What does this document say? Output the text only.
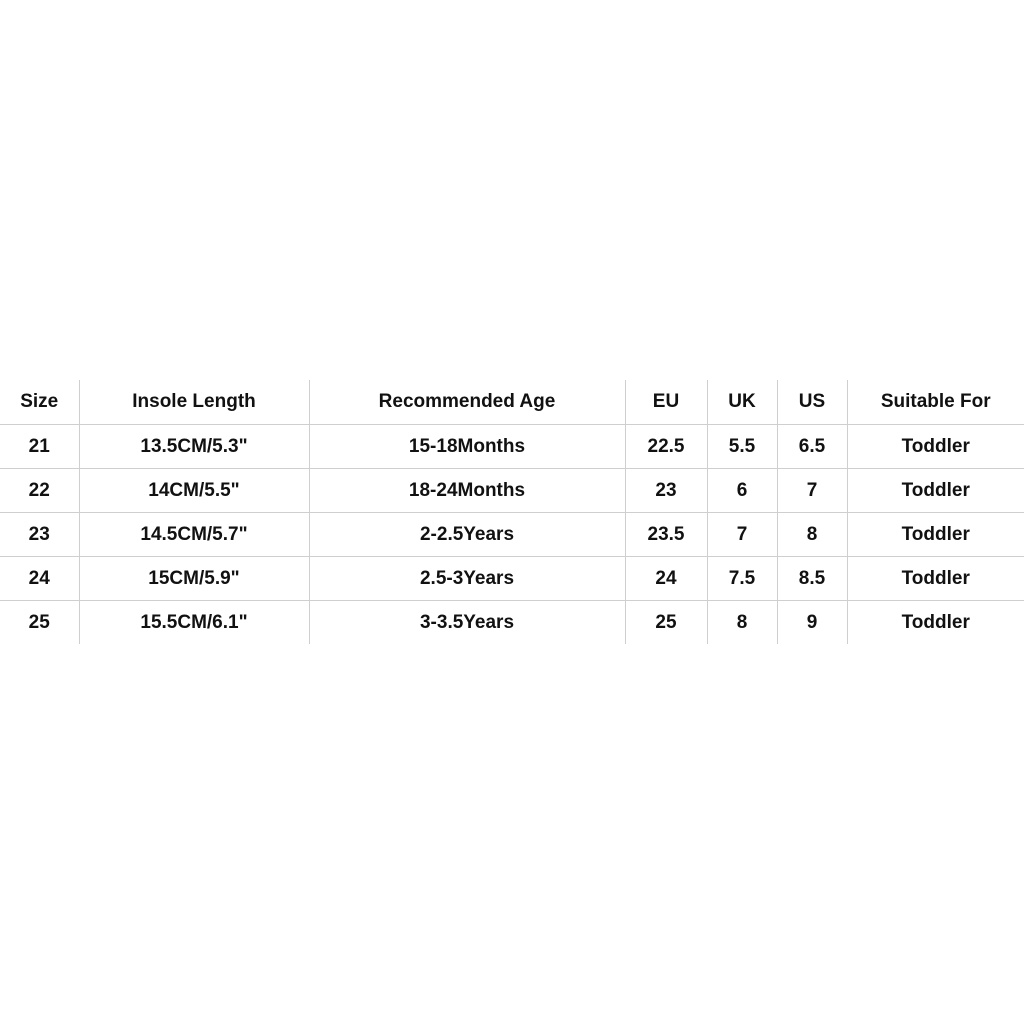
Size	Insole Length	Recommended Age	EU	UK	US	Suitable For
21	13.5CM/5.3"	15-18Months	22.5	5.5	6.5	Toddler
22	14CM/5.5"	18-24Months	23	6	7	Toddler
23	14.5CM/5.7"	2-2.5Years	23.5	7	8	Toddler
24	15CM/5.9"	2.5-3Years	24	7.5	8.5	Toddler
25	15.5CM/6.1"	3-3.5Years	25	8	9	Toddler
